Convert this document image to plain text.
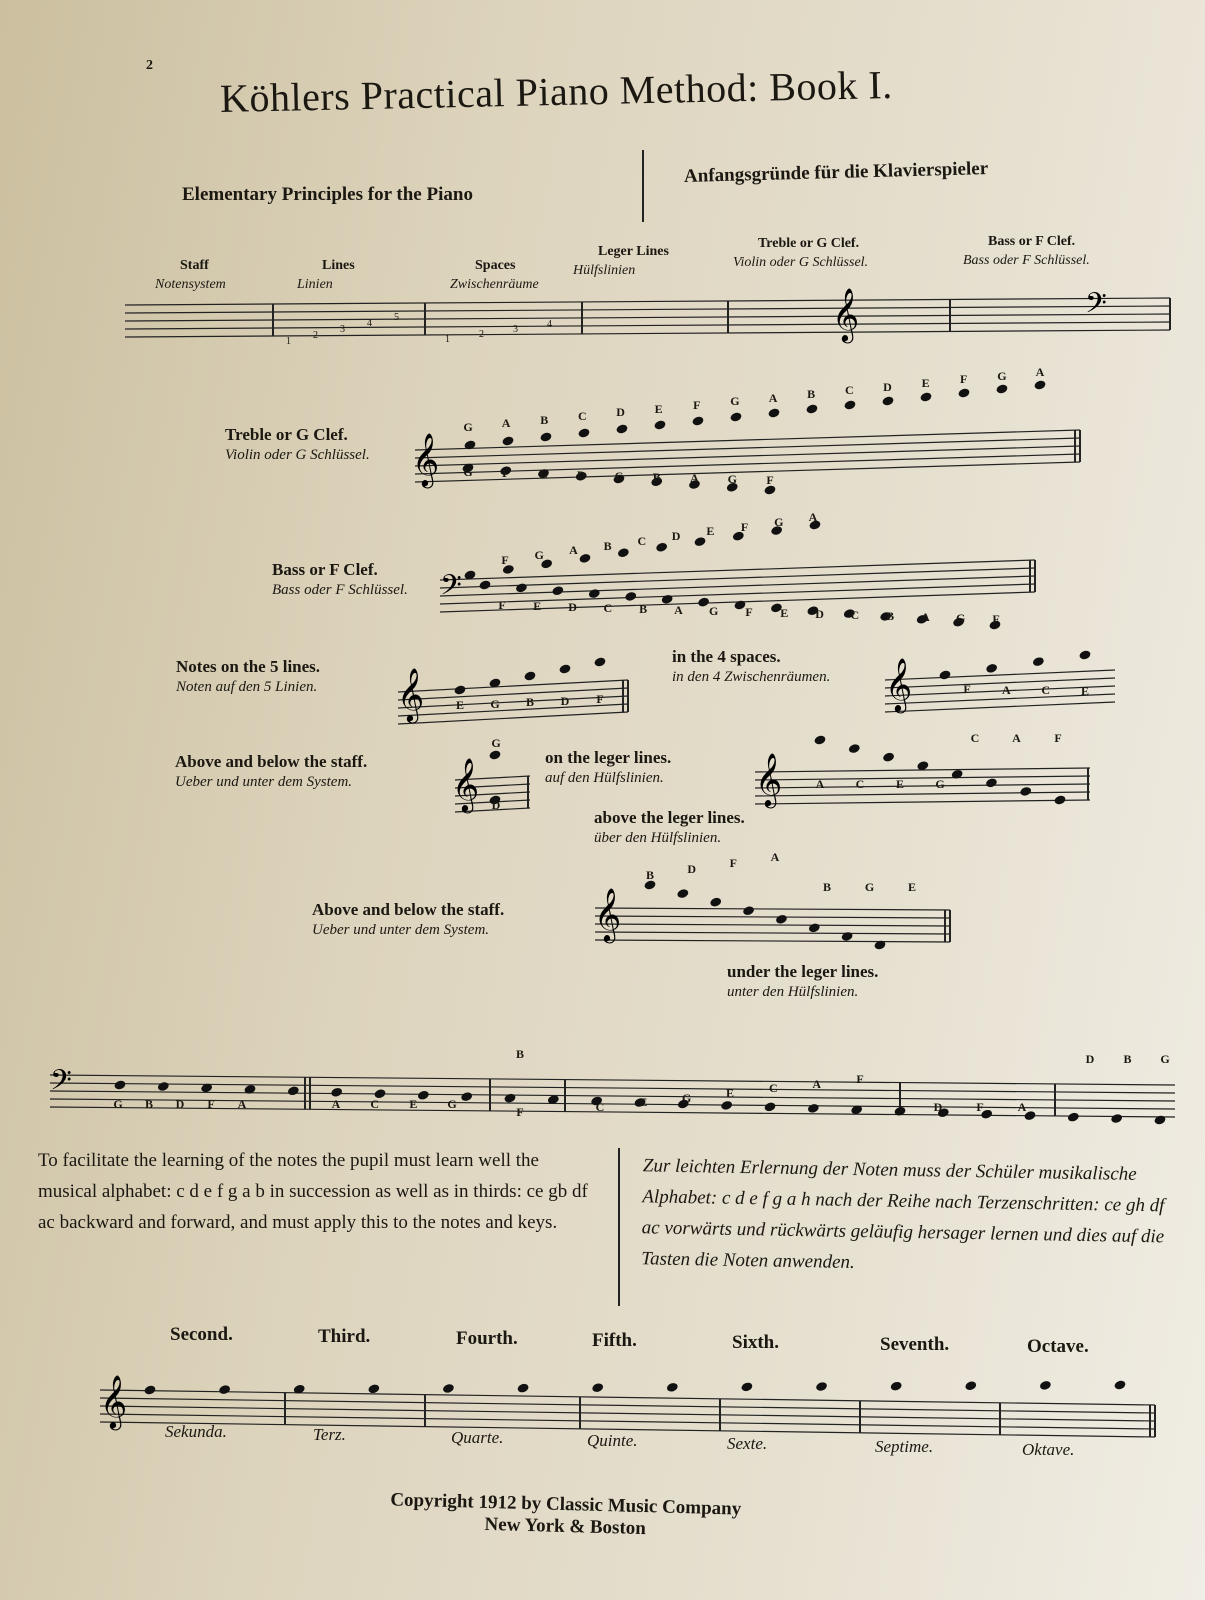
𝄞	𝄢
𝄞
𝄢
𝄞	𝄞
𝄞	𝄞
𝄞
𝄢
𝄞
2 Köhlers Practical Piano Method: Book I.
Elementary Principles for the Piano
Anfangsgründe für die Klavierspieler
Staff
Notensystem
Lines
Linien
Spaces
Zwischenräume
Leger Lines
Hülfslinien
Treble or G Clef.
Violin oder G Schlüssel.
Bass or F Clef.
Bass oder F Schlüssel.
1
2
3
4
5
1	2	3	4
Treble or G Clef.
Violin oder G Schlüssel.
Bass or F Clef.
Bass oder F Schlüssel.
Notes on the 5 lines.
Noten auf den 5 Linien.
in the 4 spaces.
in den 4 Zwischenräumen.
Above and below the staff.
Ueber und unter dem System.
on the leger lines.
auf den Hülfslinien.
above the leger lines.
über den Hülfslinien.
Above and below the staff.
Ueber und unter dem System.
under the leger lines.
unter den Hülfslinien.
Second.
Sekunda.
Third.
Terz.
Fourth.
Quarte.
Fifth.
Quinte.
Sixth.
Sexte.
Seventh.
Septime.
Octave.
Oktave.
G A B C D E	F G A B C D E	F G A
G F	E D C B A G F
F G A B C D E F G A
F E D C B A G F E D C B A G F
E G B D F
F	A	C	E
G
D
C	A	F
A	C	E	G
B	D	F	A
B	G	E
G B D F A	A C	E G
B
F	C	E	G	E	C	A	F
D	F	A
D B G
To facilitate the learning of the notes the pupil must learn well the musical alphabet: c d e f g a b in succession as well as in thirds: ce gb df ac backward and forward, and must apply this to the notes and keys.
Zur leichten Erlernung der Noten muss der Schüler musikalische Alphabet: c d e f g a h nach der Reihe nach Terzenschritten: ce gh df ac vorwärts und rückwärts geläufig hersager lernen und dies auf die Tasten die Noten anwenden.
Copyright 1912 by Classic Music Company
New York & Boston
